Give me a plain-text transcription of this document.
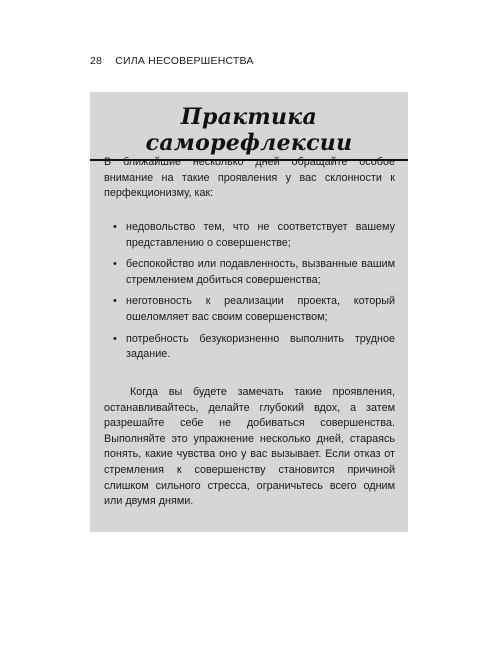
28 СИЛА НЕСОВЕРШЕНСТВА
Практика саморефлексии

В ближайшие несколько дней обращайте особое внимание на такие проявления у вас склонности к перфекционизму, как:

• недовольство тем, что не соответствует вашему представлению о совершенстве;
• беспокойство или подавленность, вызванные вашим стремлением добиться совершенства;
• неготовность к реализации проекта, который ошеломляет вас своим совершенством;
• потребность безукоризненно выполнить трудное задание.

Когда вы будете замечать такие проявления, останавливайтесь, делайте глубокий вдох, а затем разрешайте себе не добиваться совершенства. Выполняйте это упражнение несколько дней, стараясь понять, какие чувства оно у вас вызывает. Если отказ от стремления к совершенству становится причиной слишком сильного стресса, ограничьтесь всего одним или двумя днями.
